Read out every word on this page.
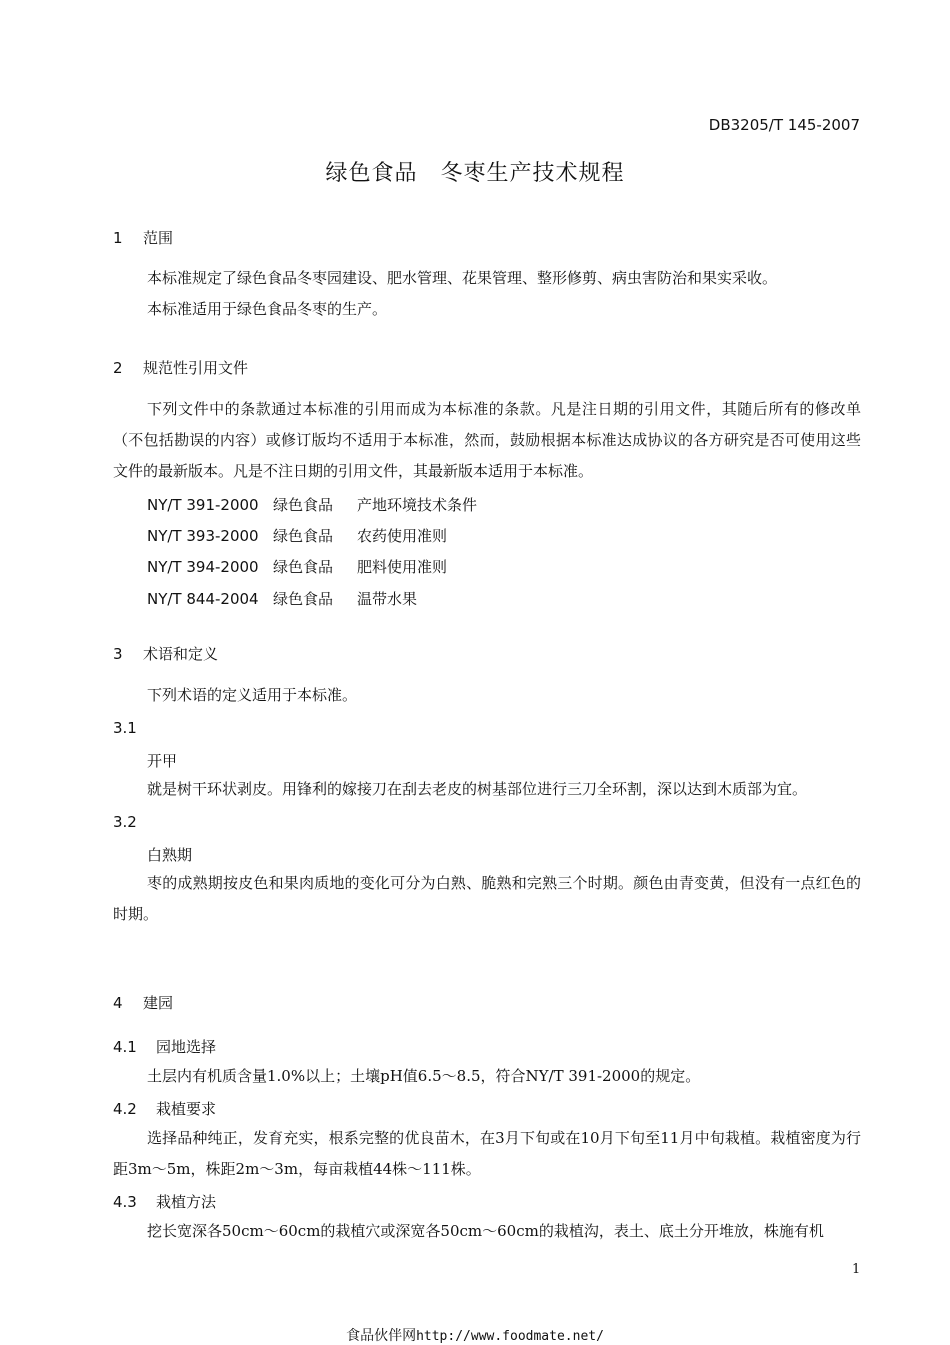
DB3205/T 145-2007
绿色食品　冬枣生产技术规程
1 范围
本标准规定了绿色食品冬枣园建设、肥水管理、花果管理、整形修剪、病虫害防治和果实采收。
本标准适用于绿色食品冬枣的生产。
2 规范性引用文件
下列文件中的条款通过本标准的引用而成为本标准的条款。凡是注日期的引用文件，其随后所有的修改单（不包括勘误的内容）或修订版均不适用于本标准，然而，鼓励根据本标准达成协议的各方研究是否可使用这些文件的最新版本。凡是不注日期的引用文件，其最新版本适用于本标准。
NY/T 391-2000 绿色食品 产地环境技术条件
NY/T 393-2000 绿色食品 农药使用准则
NY/T 394-2000 绿色食品 肥料使用准则
NY/T 844-2004 绿色食品 温带水果
3 术语和定义
下列术语的定义适用于本标准。
3.1
开甲
就是树干环状剥皮。用锋利的嫁接刀在刮去老皮的树基部位进行三刀全环割，深以达到木质部为宜。
3.2
白熟期
枣的成熟期按皮色和果肉质地的变化可分为白熟、脆熟和完熟三个时期。颜色由青变黄，但没有一点红色的时期。
4 建园
4.1 园地选择
土层内有机质含量1.0%以上；土壤pH值6.5～8.5，符合NY/T 391-2000的规定。
4.2 栽植要求
选择品种纯正，发育充实，根系完整的优良苗木，在3月下旬或在10月下旬至11月中旬栽植。栽植密度为行距3m～5m，株距2m～3m，每亩栽植44株～111株。
4.3 栽植方法
挖长宽深各50cm～60cm的栽植穴或深宽各50cm～60cm的栽植沟，表土、底土分开堆放，株施有机
1
食品伙伴网http://www.foodmate.net/
